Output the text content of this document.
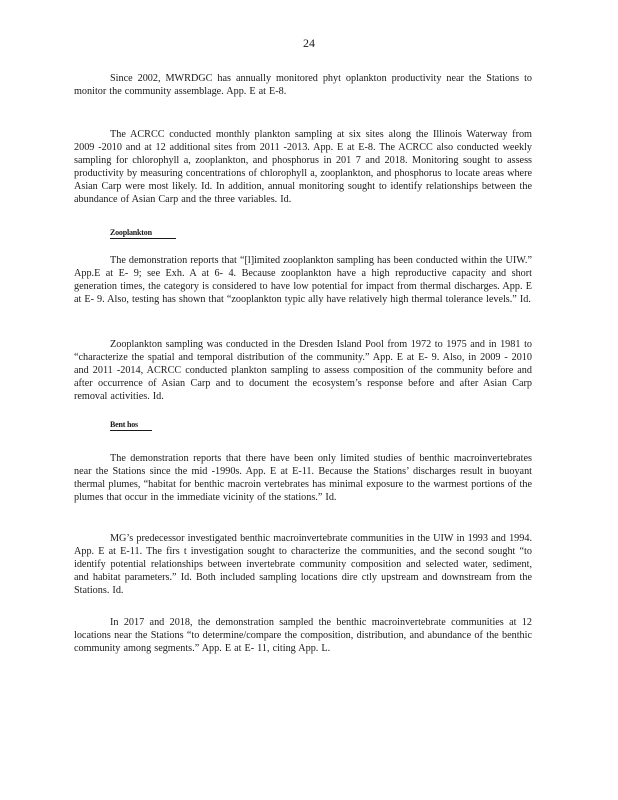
24

Since 2002, MWRDGC has annually monitored phyt oplankton productivity near the Stations to monitor the community assemblage. App. E at E-8.

The ACRCC conducted monthly plankton sampling at six sites along the Illinois Waterway from 2009 -2010 and at 12 additional sites from 2011 -2013. App. E at E-8. The ACRCC also conducted weekly sampling for chlorophyll a, zooplankton, and phosphorus in 201 7 and 2018. Monitoring sought to assess productivity by measuring concentrations of chlorophyll a, zooplankton, and phosphorus to locate areas where Asian Carp were most likely. Id. In addition, annual monitoring sought to identify relationships between the abundance of Asian Carp and the three variables. Id.

Zooplankton

The demonstration reports that “[l]imited zooplankton sampling has been conducted within the UIW.” App.E at E- 9; see Exh. A at 6- 4. Because zooplankton have a high reproductive capacity and short generation times, the category is considered to have low potential for impact from thermal discharges. App. E at E- 9. Also, testing has shown that “zooplankton typic ally have relatively high thermal tolerance levels.” Id.

Zooplankton sampling was conducted in the Dresden Island Pool from 1972 to 1975 and in 1981 to “characterize the spatial and temporal distribution of the community.” App. E at E- 9. Also, in 2009 - 2010 and 2011 -2014, ACRCC conducted plankton sampling to assess composition of the community before and after occurrence of Asian Carp and to document the ecosystem’s response before and after Asian Carp removal activities. Id.

Bent hos

The demonstration reports that there have been only limited studies of benthic macroinvertebrates near the Stations since the mid -1990s. App. E at E-11. Because the Stations’ discharges result in buoyant thermal plumes, “habitat for benthic macroin vertebrates has minimal exposure to the warmest portions of the plumes that occur in the immediate vicinity of the stations.” Id.

MG’s predecessor investigated benthic macroinvertebrate communities in the UIW in 1993 and 1994. App. E at E-11. The firs t investigation sought to characterize the communities, and the second sought “to identify potential relationships between invertebrate community composition and selected water, sediment, and habitat parameters.” Id. Both included sampling locations dire ctly upstream and downstream from the Stations. Id.

In 2017 and 2018, the demonstration sampled the benthic macroinvertebrate communities at 12 locations near the Stations “to determine/compare the composition, distribution, and abundance of the benthic community among segments.” App. E at E- 11, citing App. L.
